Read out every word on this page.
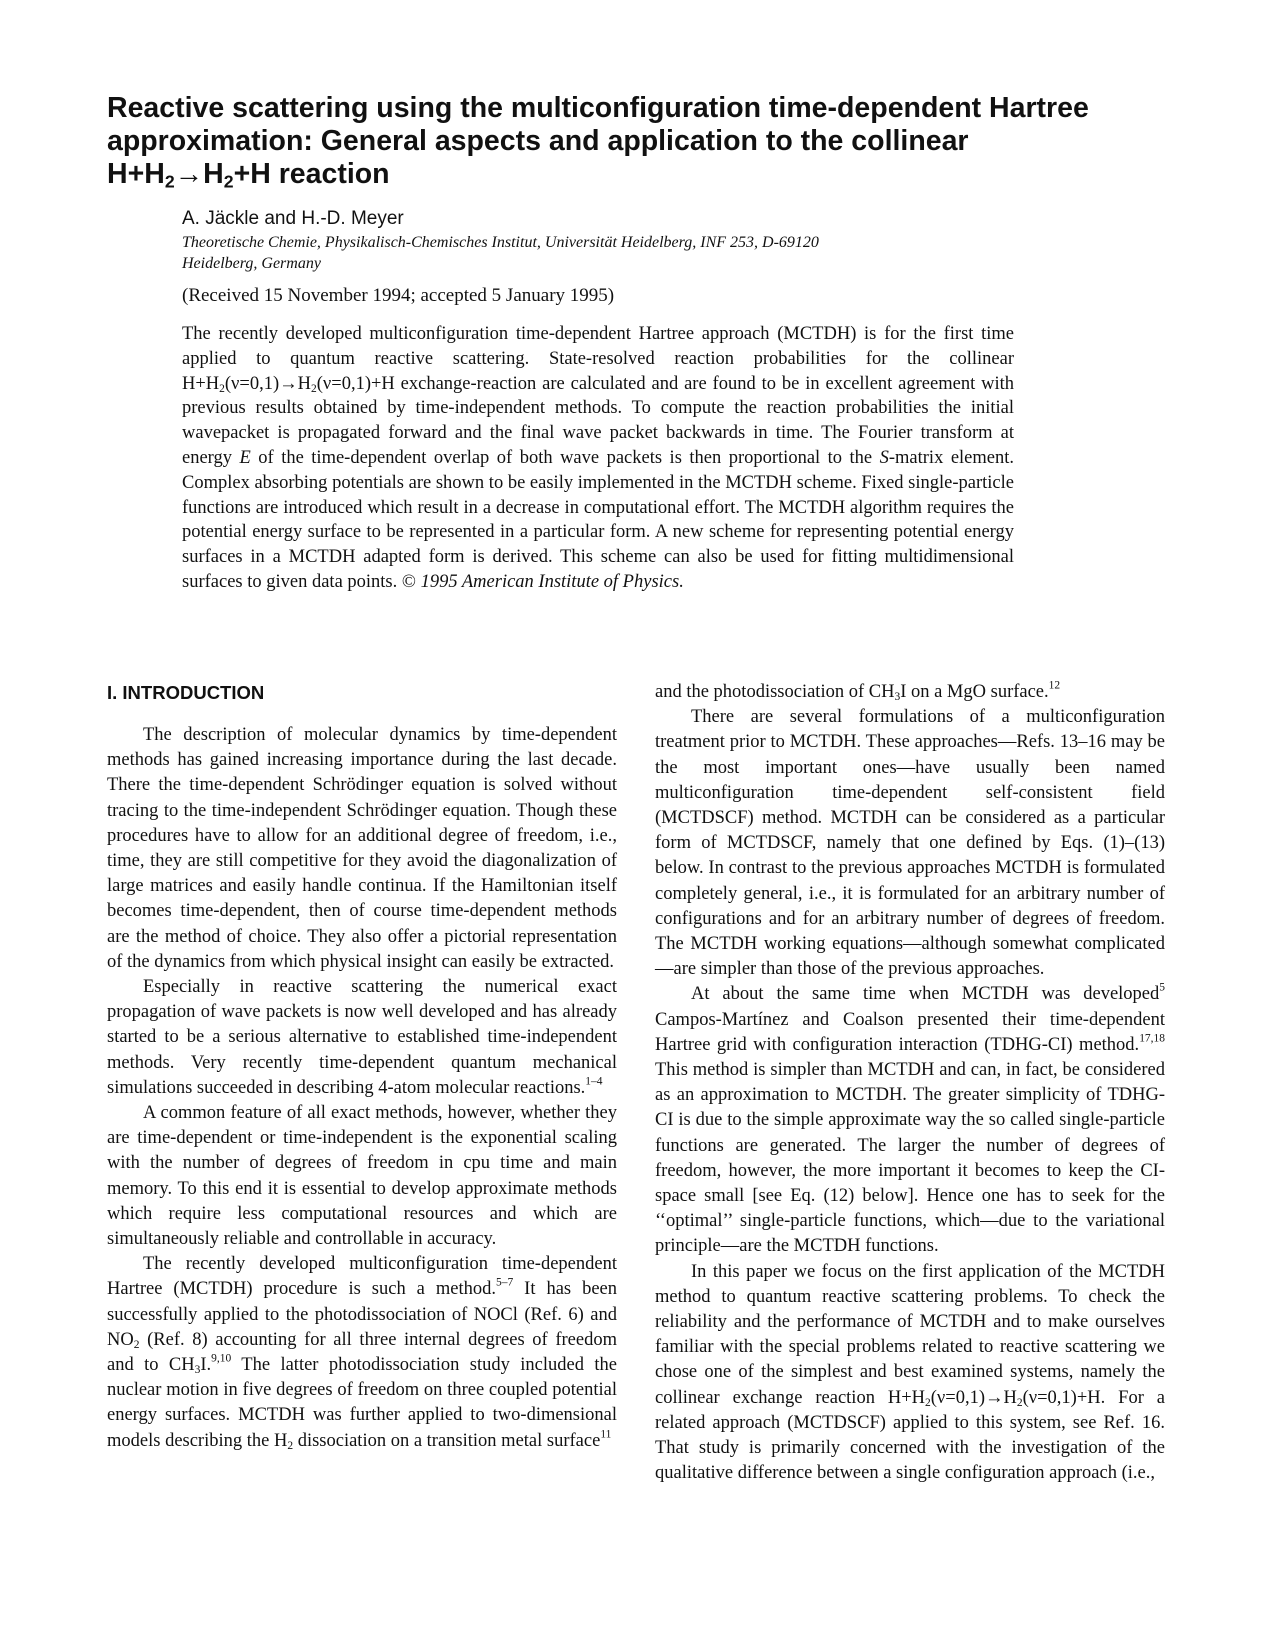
Reactive scattering using the multiconfiguration time-dependent Hartree
approximation: General aspects and application to the collinear
$H+H_2\to H_2+H$ reaction

A. Jäckle and H.-D. Meyer

Theoretische Chemie, Physikalisch-Chemisches Institut, Universität Heidelberg, INF 253, D-69120
Heidelberg, Germany

(Received 15 November 1994; accepted 5 January 1995)

The recently developed multiconfiguration time-dependent Hartree approach (MCTDH) is for the first time applied to quantum reactive scattering. State-resolved reaction probabilities for the collinear $H+H_2(\nu=0,1)\to H_2(\nu=0,1)+H$ exchange-reaction are calculated and are found to be in excellent agreement with previous results obtained by time-independent methods. To compute the reaction probabilities the initial wavepacket is propagated forward and the final wave packet backwards in time. The Fourier transform at energy E of the time-dependent overlap of both wave packets is then proportional to the S-matrix element. Complex absorbing potentials are shown to be easily implemented in the MCTDH scheme. Fixed single-particle functions are introduced which result in a decrease in computational effort. The MCTDH algorithm requires the potential energy surface to be represented in a particular form. A new scheme for representing potential energy surfaces in a MCTDH adapted form is derived. This scheme can also be used for fitting multidimensional surfaces to given data points. © 1995 American Institute of Physics.

I. INTRODUCTION

The description of molecular dynamics by time-dependent methods has gained increasing importance during the last decade. There the time-dependent Schrödinger equation is solved without tracing to the time-independent Schrödinger equation. Though these procedures have to allow for an additional degree of freedom, i.e., time, they are still competitive for they avoid the diagonalization of large matrices and easily handle continua. If the Hamiltonian itself becomes time-dependent, then of course time-dependent methods are the method of choice. They also offer a pictorial representation of the dynamics from which physical insight can easily be extracted.

Especially in reactive scattering the numerical exact propagation of wave packets is now well developed and has already started to be a serious alternative to established time-independent methods. Very recently time-dependent quantum mechanical simulations succeeded in describing 4-atom molecular reactions.$^{1-4}$

A common feature of all exact methods, however, whether they are time-dependent or time-independent is the exponential scaling with the number of degrees of freedom in cpu time and main memory. To this end it is essential to develop approximate methods which require less computational resources and which are simultaneously reliable and controllable in accuracy.

The recently developed multiconfiguration time-dependent Hartree (MCTDH) procedure is such a method.$^{5-7}$ It has been successfully applied to the photodissociation of NOCl (Ref. 6) and $NO_2$ (Ref. 8) accounting for all three internal degrees of freedom and to $CH_3I.^{9,10}$ The latter photodissociation study included the nuclear motion in five degrees of freedom on three coupled potential energy surfaces. MCTDH was further applied to two-dimensional models describing the $H_2$ dissociation on a transition metal surface$^{11}$

and the photodissociation of $CH_3I$ on a MgO surface.$^{12}$

There are several formulations of a multiconfiguration treatment prior to MCTDH. These approaches—Refs. 13–16 may be the most important ones—have usually been named multiconfiguration time-dependent self-consistent field (MCTDSCF) method. MCTDH can be considered as a particular form of MCTDSCF, namely that one defined by Eqs. (1)–(13) below. In contrast to the previous approaches MCTDH is formulated completely general, i.e., it is formulated for an arbitrary number of configurations and for an arbitrary number of degrees of freedom. The MCTDH working equations—although somewhat complicated—are simpler than those of the previous approaches.

At about the same time when MCTDH was developed$^5$ Campos-Martínez and Coalson presented their time-dependent Hartree grid with configuration interaction (TDHG-CI) method.$^{17,18}$ This method is simpler than MCTDH and can, in fact, be considered as an approximation to MCTDH. The greater simplicity of TDHG-CI is due to the simple approximate way the so called single-particle functions are generated. The larger the number of degrees of freedom, however, the more important it becomes to keep the CI-space small [see Eq. (12) below]. Hence one has to seek for the ‘‘optimal’’ single-particle functions, which—due to the variational principle—are the MCTDH functions.

In this paper we focus on the first application of the MCTDH method to quantum reactive scattering problems. To check the reliability and the performance of MCTDH and to make ourselves familiar with the special problems related to reactive scattering we chose one of the simplest and best examined systems, namely the collinear exchange reaction $H+H_2(\nu=0,1)\to H_2(\nu=0,1)+H$. For a related approach (MCTDSCF) applied to this system, see Ref. 16. That study is primarily concerned with the investigation of the qualitative difference between a single configuration approach (i.e.,
